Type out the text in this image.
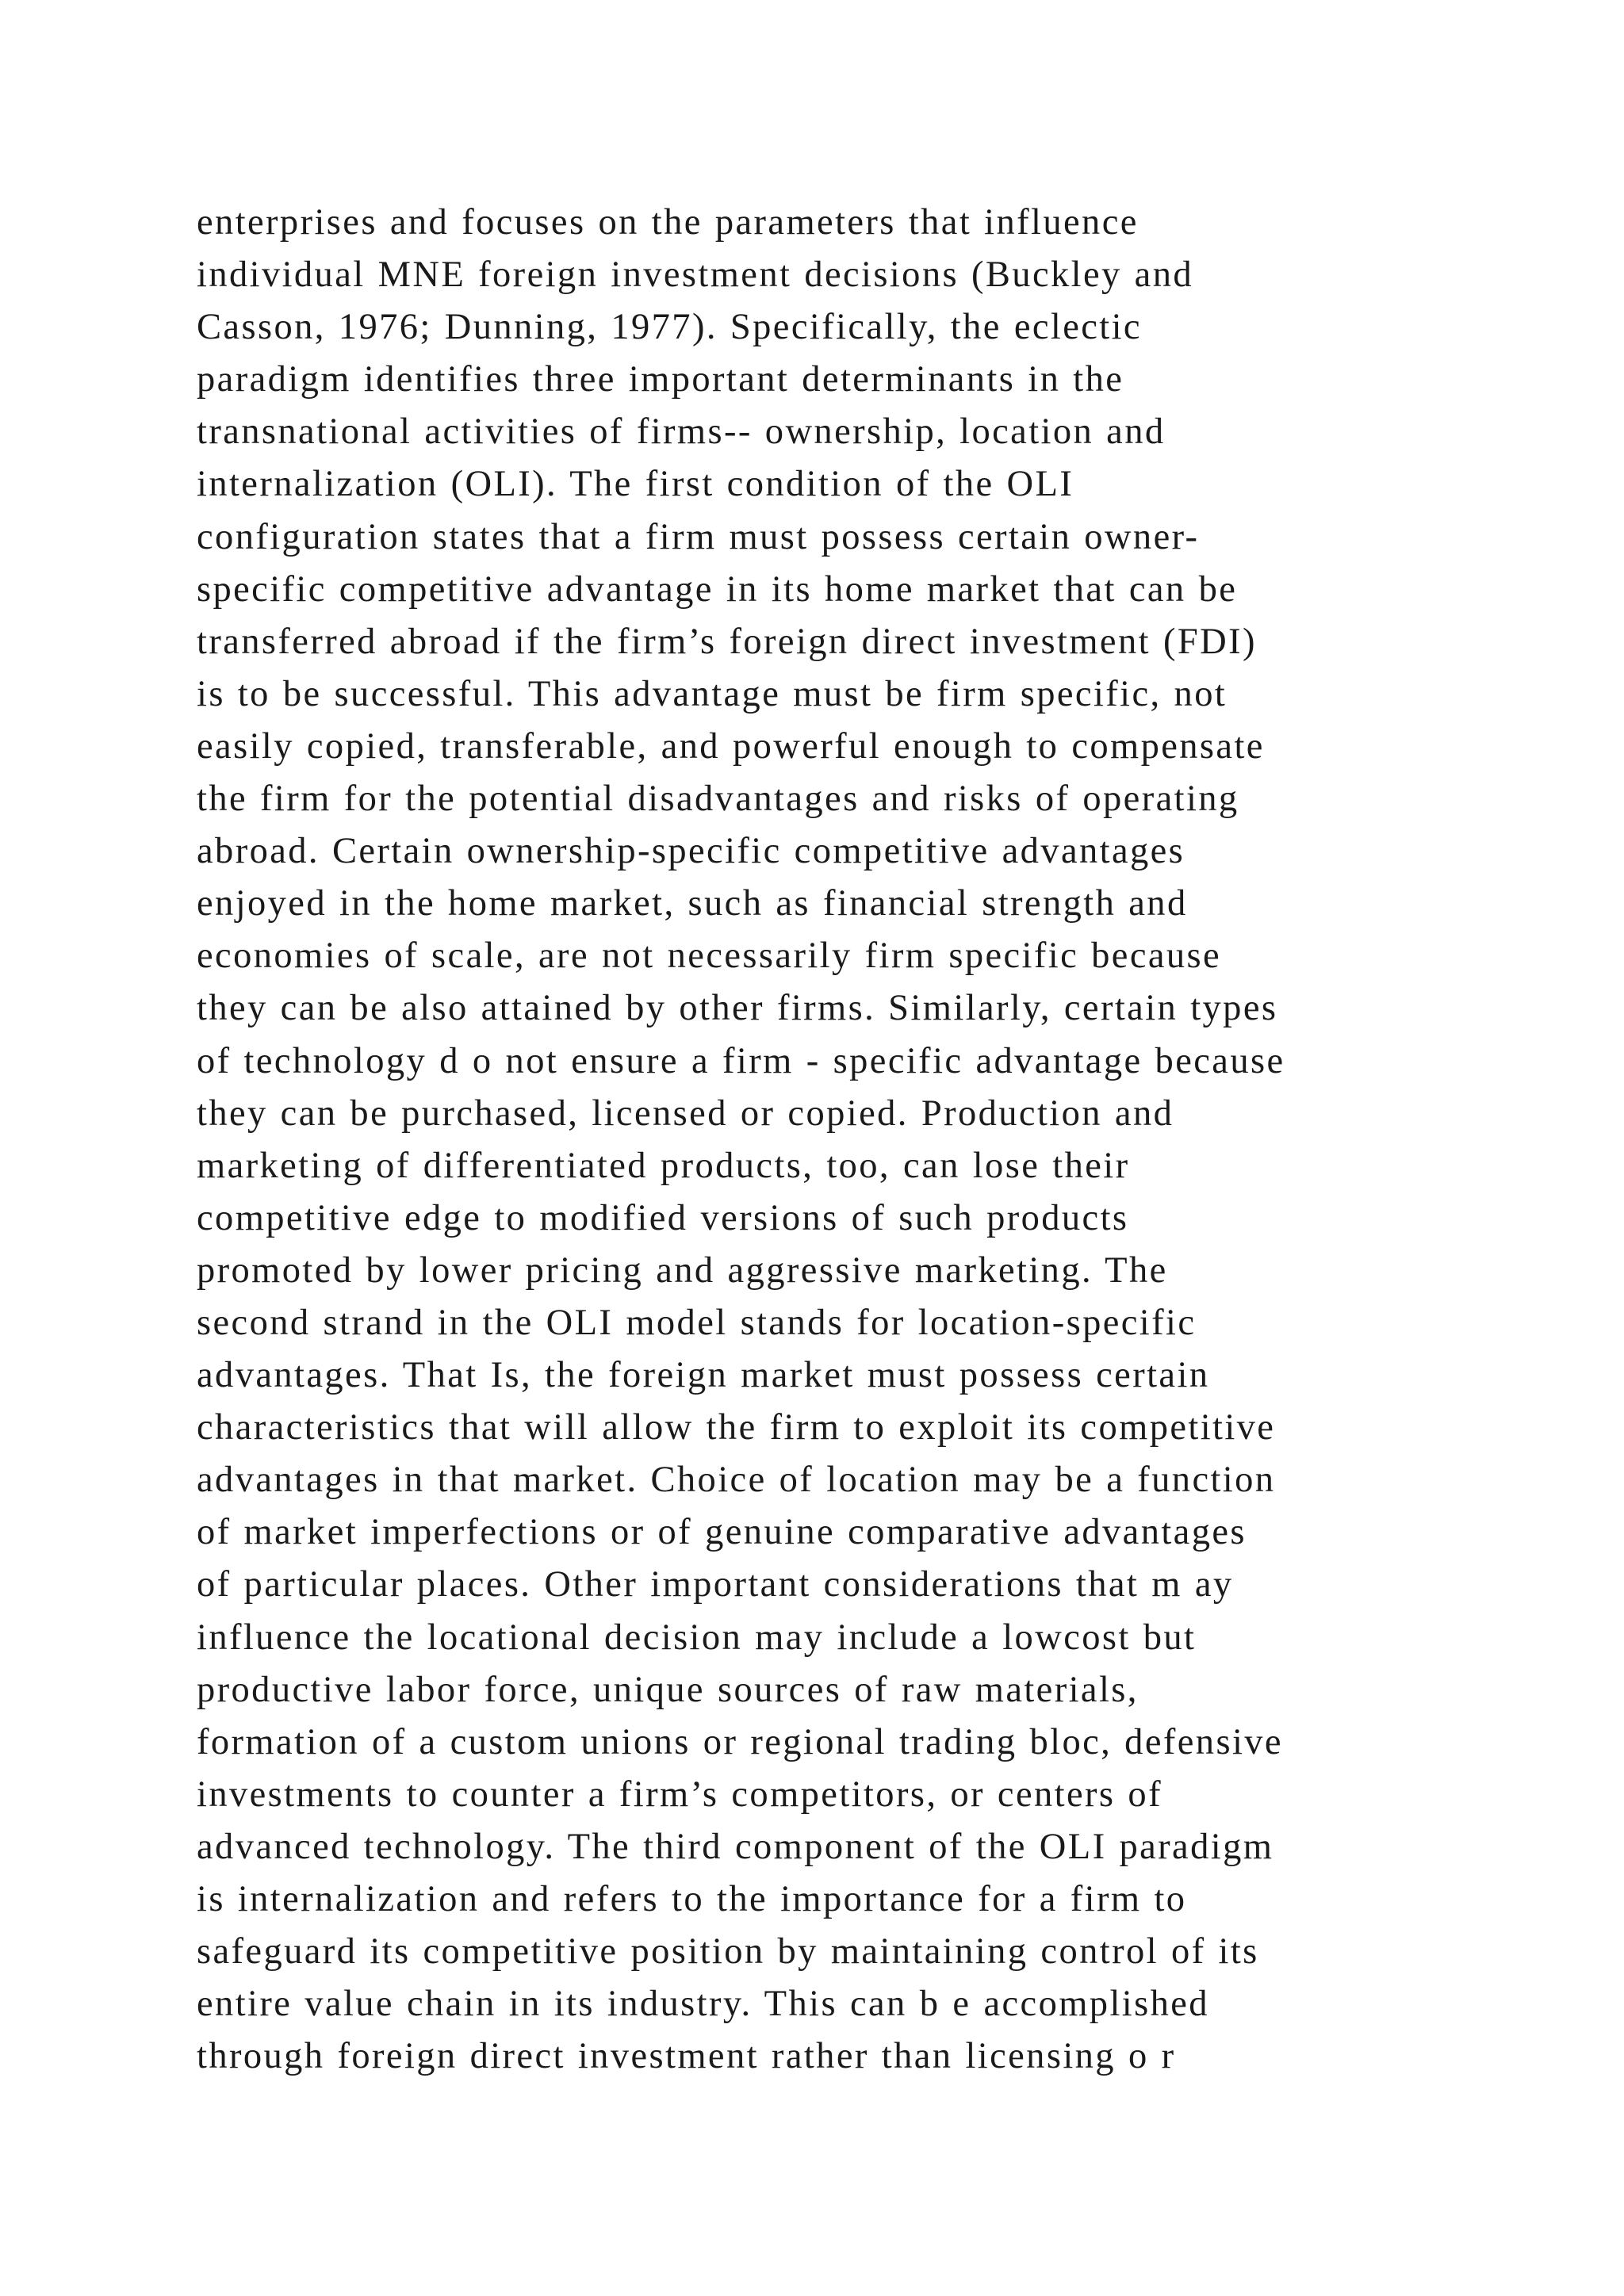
enterprises and focuses on the parameters that influence
individual MNE foreign investment decisions (Buckley and
Casson, 1976; Dunning, 1977). Specifically, the eclectic
paradigm identifies three important determinants in the
transnational activities of firms-- ownership, location and
internalization (OLI). The first condition of the OLI
configuration states that a firm must possess certain owner-
specific competitive advantage in its home market that can be
transferred abroad if the firm’s foreign direct investment (FDI)
is to be successful. This advantage must be firm specific, not
easily copied, transferable, and powerful enough to compensate
the firm for the potential disadvantages and risks of operating
abroad. Certain ownership-specific competitive advantages
enjoyed in the home market, such as financial strength and
economies of scale, are not necessarily firm specific because
they can be also attained by other firms. Similarly, certain types
of technology d o not ensure a firm - specific advantage because
they can be purchased, licensed or copied. Production and
marketing of differentiated products, too, can lose their
competitive edge to modified versions of such products
promoted by lower pricing and aggressive marketing. The
second strand in the OLI model stands for location-specific
advantages. That Is, the foreign market must possess certain
characteristics that will allow the firm to exploit its competitive
advantages in that market. Choice of location may be a function
of market imperfections or of genuine comparative advantages
of particular places. Other important considerations that m ay
influence the locational decision may include a lowcost but
productive labor force, unique sources of raw materials,
formation of a custom unions or regional trading bloc, defensive
investments to counter a firm’s competitors, or centers of
advanced technology. The third component of the OLI paradigm
is internalization and refers to the importance for a firm to
safeguard its competitive position by maintaining control of its
entire value chain in its industry. This can b e accomplished
through foreign direct investment rather than licensing o r
